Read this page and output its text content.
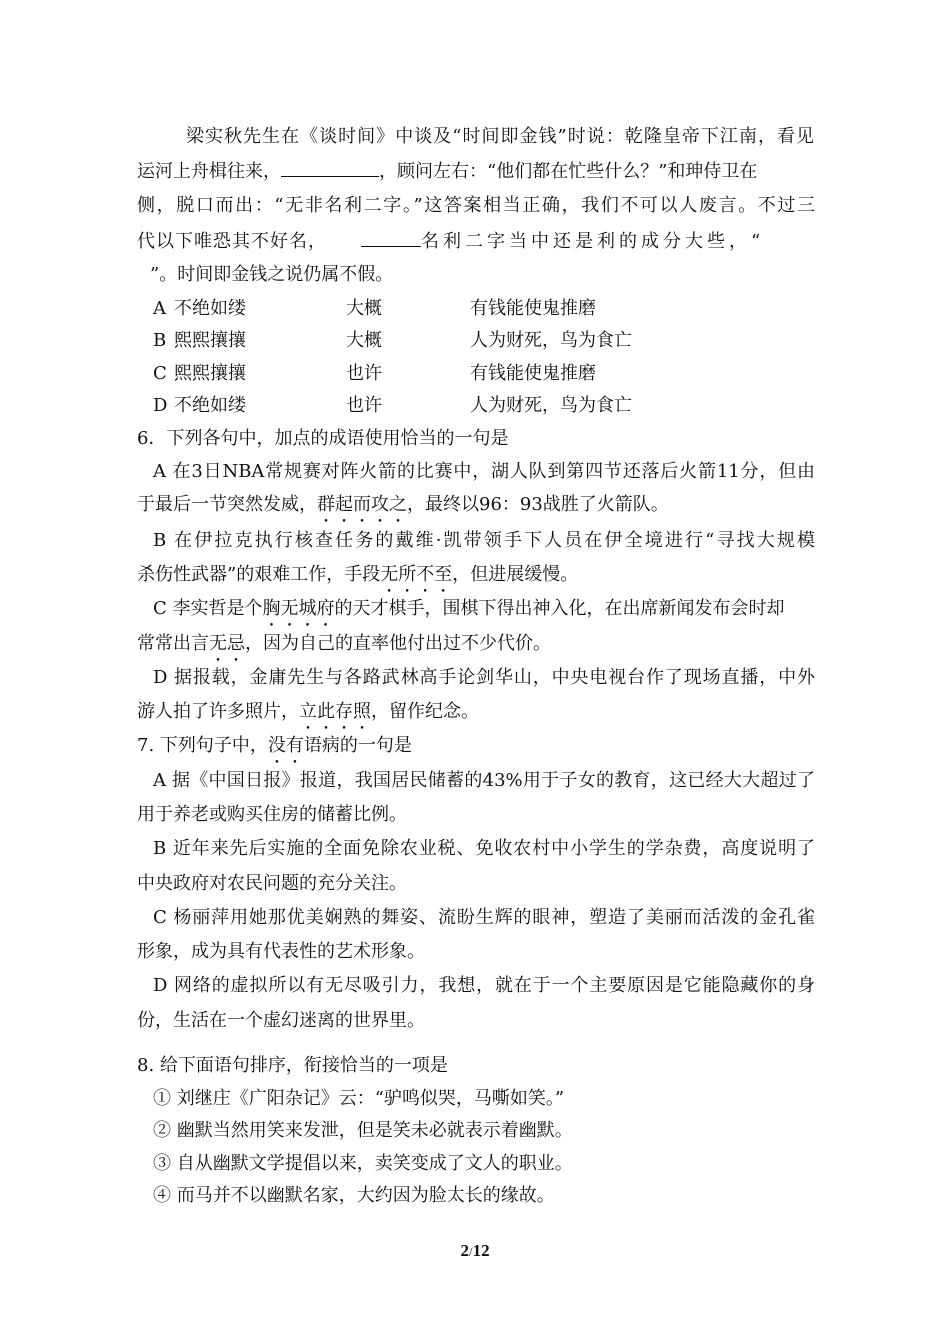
梁实秋先生在《谈时间》中谈及“时间即金钱”时说：乾隆皇帝下江南，看见
运河上舟楫往来，	，顾问左右：“他们都在忙些什么？”和珅侍卫在
侧，脱口而出：“无非名利二字。”这答案相当正确，我们不可以人废言。不过三
代以下唯恐其不好名，	名利二字当中还是利的成分大些，“
”。时间即金钱之说仍属不假。
A 不绝如缕	大概	有钱能使鬼推磨
B 熙熙攘攘	大概	人为财死，鸟为食亡
C 熙熙攘攘	也许	有钱能使鬼推磨
D 不绝如缕	也许	人为财死，鸟为食亡
6．下列各句中，加点的成语使用恰当的一句是
A 在3日NBA常规赛对阵火箭的比赛中，湖人队到第四节还落后火箭11分，但由
于最后一节突然发威，群起而攻之，最终以96：93战胜了火箭队。
B 在伊拉克执行核查任务的戴维·凯带领手下人员在伊全境进行“寻找大规模
杀伤性武器”的艰难工作，手段无所不至，但进展缓慢。
C 李实哲是个胸无城府的天才棋手，围棋下得出神入化，在出席新闻发布会时却
常常出言无忌，因为自己的直率他付出过不少代价。
D 据报载，金庸先生与各路武林高手论剑华山，中央电视台作了现场直播，中外
游人拍了许多照片，立此存照，留作纪念。
7. 下列句子中，没有语病的一句是
A 据《中国日报》报道，我国居民储蓄的43%用于子女的教育，这已经大大超过了
用于养老或购买住房的储蓄比例。
B 近年来先后实施的全面免除农业税、免收农村中小学生的学杂费，高度说明了
中央政府对农民问题的充分关注。
C 杨丽萍用她那优美娴熟的舞姿、流盼生辉的眼神，塑造了美丽而活泼的金孔雀
形象，成为具有代表性的艺术形象。
D 网络的虚拟所以有无尽吸引力，我想，就在于一个主要原因是它能隐藏你的身
份，生活在一个虚幻迷离的世界里。
8. 给下面语句排序，衔接恰当的一项是
① 刘继庄《广阳杂记》云：“驴鸣似哭，马嘶如笑。”
② 幽默当然用笑来发泄，但是笑未必就表示着幽默。
③ 自从幽默文学提倡以来，卖笑变成了文人的职业。
④ 而马并不以幽默名家，大约因为脸太长的缘故。
2/12
